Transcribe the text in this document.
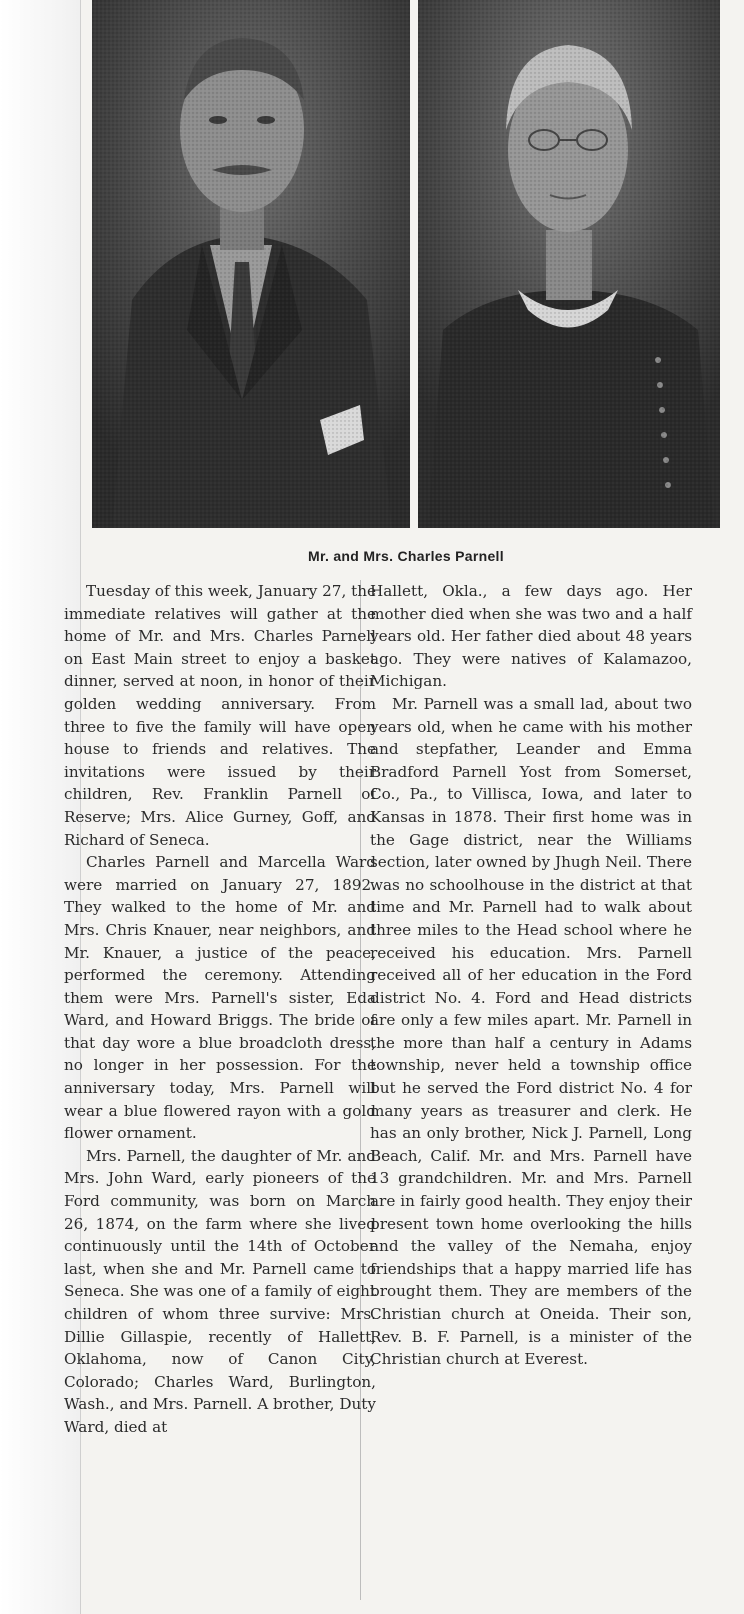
Mr. and Mrs. Charles Parnell

Tuesday of this week, January 27, the immediate relatives will gather at the home of Mr. and Mrs. Charles Parnell on East Main street to enjoy a basket dinner, served at noon, in honor of their golden wedding anniversary. From three to five the family will have open house to friends and relatives. The invitations were issued by their children, Rev. Franklin Parnell of Reserve; Mrs. Alice Gurney, Goff, and Richard of Seneca.

Charles Parnell and Marcella Ward were married on January 27, 1892. They walked to the home of Mr. and Mrs. Chris Knauer, near neighbors, and Mr. Knauer, a justice of the peace, performed the ceremony. Attending them were Mrs. Parnell's sister, Eda Ward, and Howard Briggs. The bride of that day wore a blue broadcloth dress, no longer in her possession. For the anniversary today, Mrs. Parnell will wear a blue flowered rayon with a gold flower ornament.

Mrs. Parnell, the daughter of Mr. and Mrs. John Ward, early pioneers of the Ford community, was born on March 26, 1874, on the farm where she lived continuously until the 14th of October last, when she and Mr. Parnell came to Seneca. She was one of a family of eight children of whom three survive: Mrs. Dillie Gillaspie, recently of Hallett, Oklahoma, now of Canon City, Colorado; Charles Ward, Burlington, Wash., and Mrs. Parnell. A brother, Duty Ward, died at

Hallett, Okla., a few days ago. Her mother died when she was two and a half years old. Her father died about 48 years ago. They were natives of Kalamazoo, Michigan.

Mr. Parnell was a small lad, about two years old, when he came with his mother and stepfather, Leander and Emma Bradford Parnell Yost from Somerset, Co., Pa., to Villisca, Iowa, and later to Kansas in 1878. Their first home was in the Gage district, near the Williams section, later owned by Jhugh Neil. There was no schoolhouse in the district at that time and Mr. Parnell had to walk about three miles to the Head school where he received his education. Mrs. Parnell received all of her education in the Ford district No. 4. Ford and Head districts are only a few miles apart. Mr. Parnell in the more than half a century in Adams township, never held a township office but he served the Ford district No. 4 for many years as treasurer and clerk. He has an only brother, Nick J. Parnell, Long Beach, Calif. Mr. and Mrs. Parnell have 13 grandchildren. Mr. and Mrs. Parnell are in fairly good health. They enjoy their present town home overlooking the hills and the valley of the Nemaha, enjoy friendships that a happy married life has brought them. They are members of the Christian church at Oneida. Their son, Rev. B. F. Parnell, is a minister of the Christian church at Everest.
